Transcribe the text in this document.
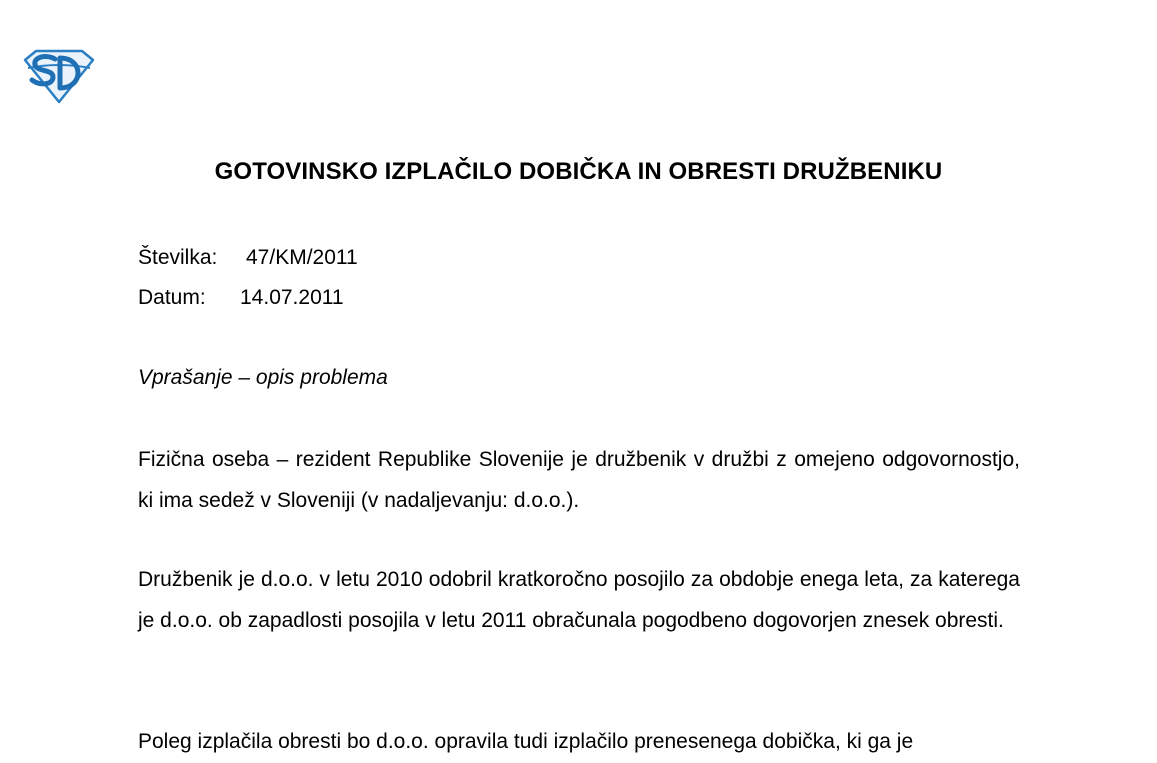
GOTOVINSKO IZPLAČILO DOBIČKA IN OBRESTI DRUŽBENIKU
Številka: 47/KM/2011
Datum: 14.07.2011
Vprašanje – opis problema

Fizična oseba – rezident Republike Slovenije je družbenik v družbi z omejeno odgovornostjo, ki ima sedež v Sloveniji (v nadaljevanju: d.o.o.).

Družbenik je d.o.o. v letu 2010 odobril kratkoročno posojilo za obdobje enega leta, za katerega je d.o.o. ob zapadlosti posojila v letu 2011 obračunala pogodbeno dogovorjen znesek obresti.

Poleg izplačila obresti bo d.o.o. opravila tudi izplačilo prenesenega dobička, ki ga je
